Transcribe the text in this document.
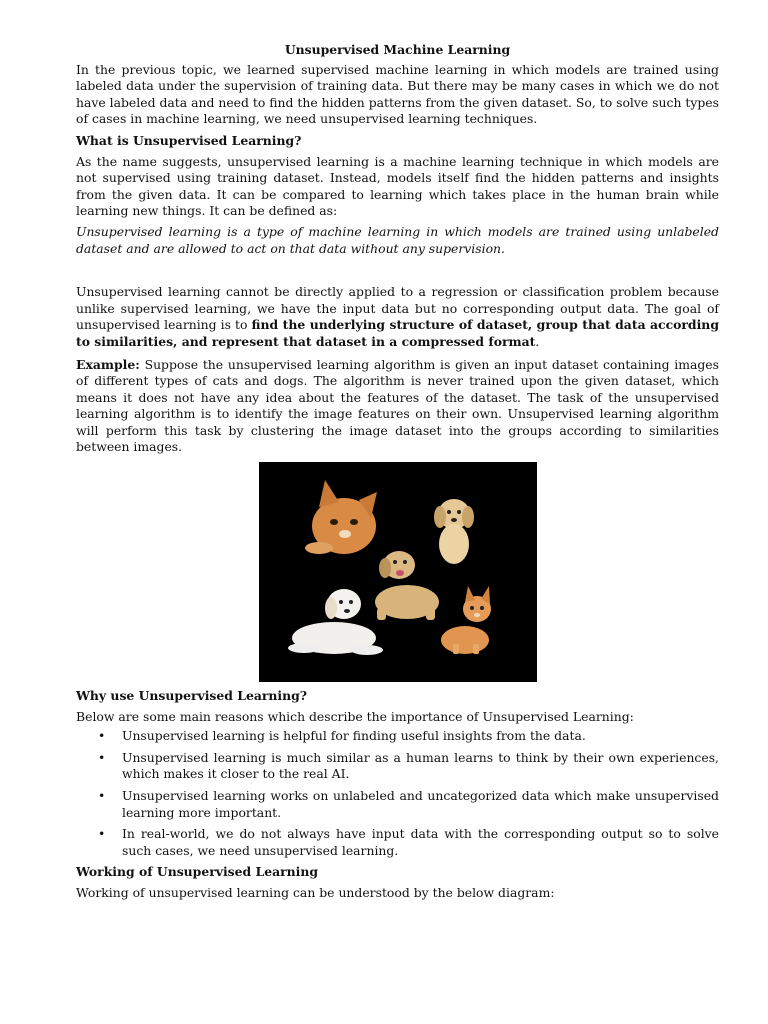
Unsupervised Machine Learning

In the previous topic, we learned supervised machine learning in which models are trained using labeled data under the supervision of training data. But there may be many cases in which we do not have labeled data and need to find the hidden patterns from the given dataset. So, to solve such types of cases in machine learning, we need unsupervised learning techniques.

What is Unsupervised Learning?

As the name suggests, unsupervised learning is a machine learning technique in which models are not supervised using training dataset. Instead, models itself find the hidden patterns and insights from the given data. It can be compared to learning which takes place in the human brain while learning new things. It can be defined as:

Unsupervised learning is a type of machine learning in which models are trained using unlabeled dataset and are allowed to act on that data without any supervision.

Unsupervised learning cannot be directly applied to a regression or classification problem because unlike supervised learning, we have the input data but no corresponding output data. The goal of unsupervised learning is to find the underlying structure of dataset, group that data according to similarities, and represent that dataset in a compressed format.

Example: Suppose the unsupervised learning algorithm is given an input dataset containing images of different types of cats and dogs. The algorithm is never trained upon the given dataset, which means it does not have any idea about the features of the dataset. The task of the unsupervised learning algorithm is to identify the image features on their own. Unsupervised learning algorithm will perform this task by clustering the image dataset into the groups according to similarities between images.

Why use Unsupervised Learning?

Below are some main reasons which describe the importance of Unsupervised Learning:

• Unsupervised learning is helpful for finding useful insights from the data.
• Unsupervised learning is much similar as a human learns to think by their own experiences, which makes it closer to the real AI.
• Unsupervised learning works on unlabeled and uncategorized data which make unsupervised learning more important.
• In real-world, we do not always have input data with the corresponding output so to solve such cases, we need unsupervised learning.

Working of Unsupervised Learning

Working of unsupervised learning can be understood by the below diagram:
